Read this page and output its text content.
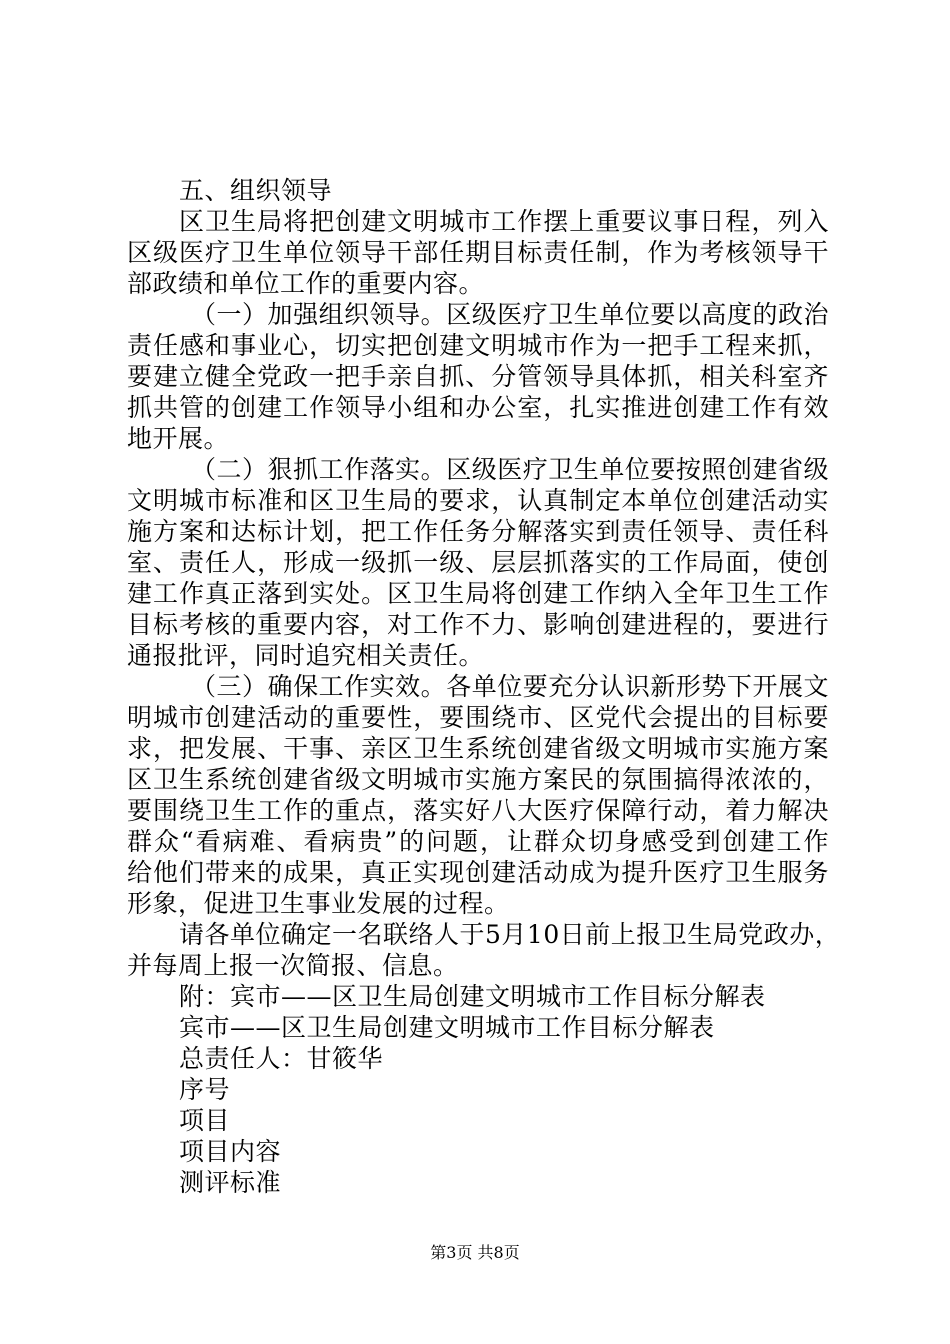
五、组织领导
区卫生局将把创建文明城市工作摆上重要议事日程，列入
区级医疗卫生单位领导干部任期目标责任制，作为考核领导干
部政绩和单位工作的重要内容。
（一）加强组织领导。区级医疗卫生单位要以高度的政治
责任感和事业心，切实把创建文明城市作为一把手工程来抓，
要建立健全党政一把手亲自抓、分管领导具体抓，相关科室齐
抓共管的创建工作领导小组和办公室，扎实推进创建工作有效
地开展。
（二）狠抓工作落实。区级医疗卫生单位要按照创建省级
文明城市标准和区卫生局的要求，认真制定本单位创建活动实
施方案和达标计划，把工作任务分解落实到责任领导、责任科
室、责任人，形成一级抓一级、层层抓落实的工作局面，使创
建工作真正落到实处。区卫生局将创建工作纳入全年卫生工作
目标考核的重要内容，对工作不力、影响创建进程的，要进行
通报批评，同时追究相关责任。
（三）确保工作实效。各单位要充分认识新形势下开展文
明城市创建活动的重要性，要围绕市、区党代会提出的目标要
求，把发展、干事、亲区卫生系统创建省级文明城市实施方案
区卫生系统创建省级文明城市实施方案民的氛围搞得浓浓的，
要围绕卫生工作的重点，落实好八大医疗保障行动，着力解决
群众“看病难、看病贵”的问题，让群众切身感受到创建工作
给他们带来的成果，真正实现创建活动成为提升医疗卫生服务
形象，促进卫生事业发展的过程。
请各单位确定一名联络人于5月10日前上报卫生局党政办，
并每周上报一次简报、信息。
附：宾市——区卫生局创建文明城市工作目标分解表
宾市——区卫生局创建文明城市工作目标分解表
总责任人：甘筱华
序号
项目
项目内容
测评标准
第3页 共8页
